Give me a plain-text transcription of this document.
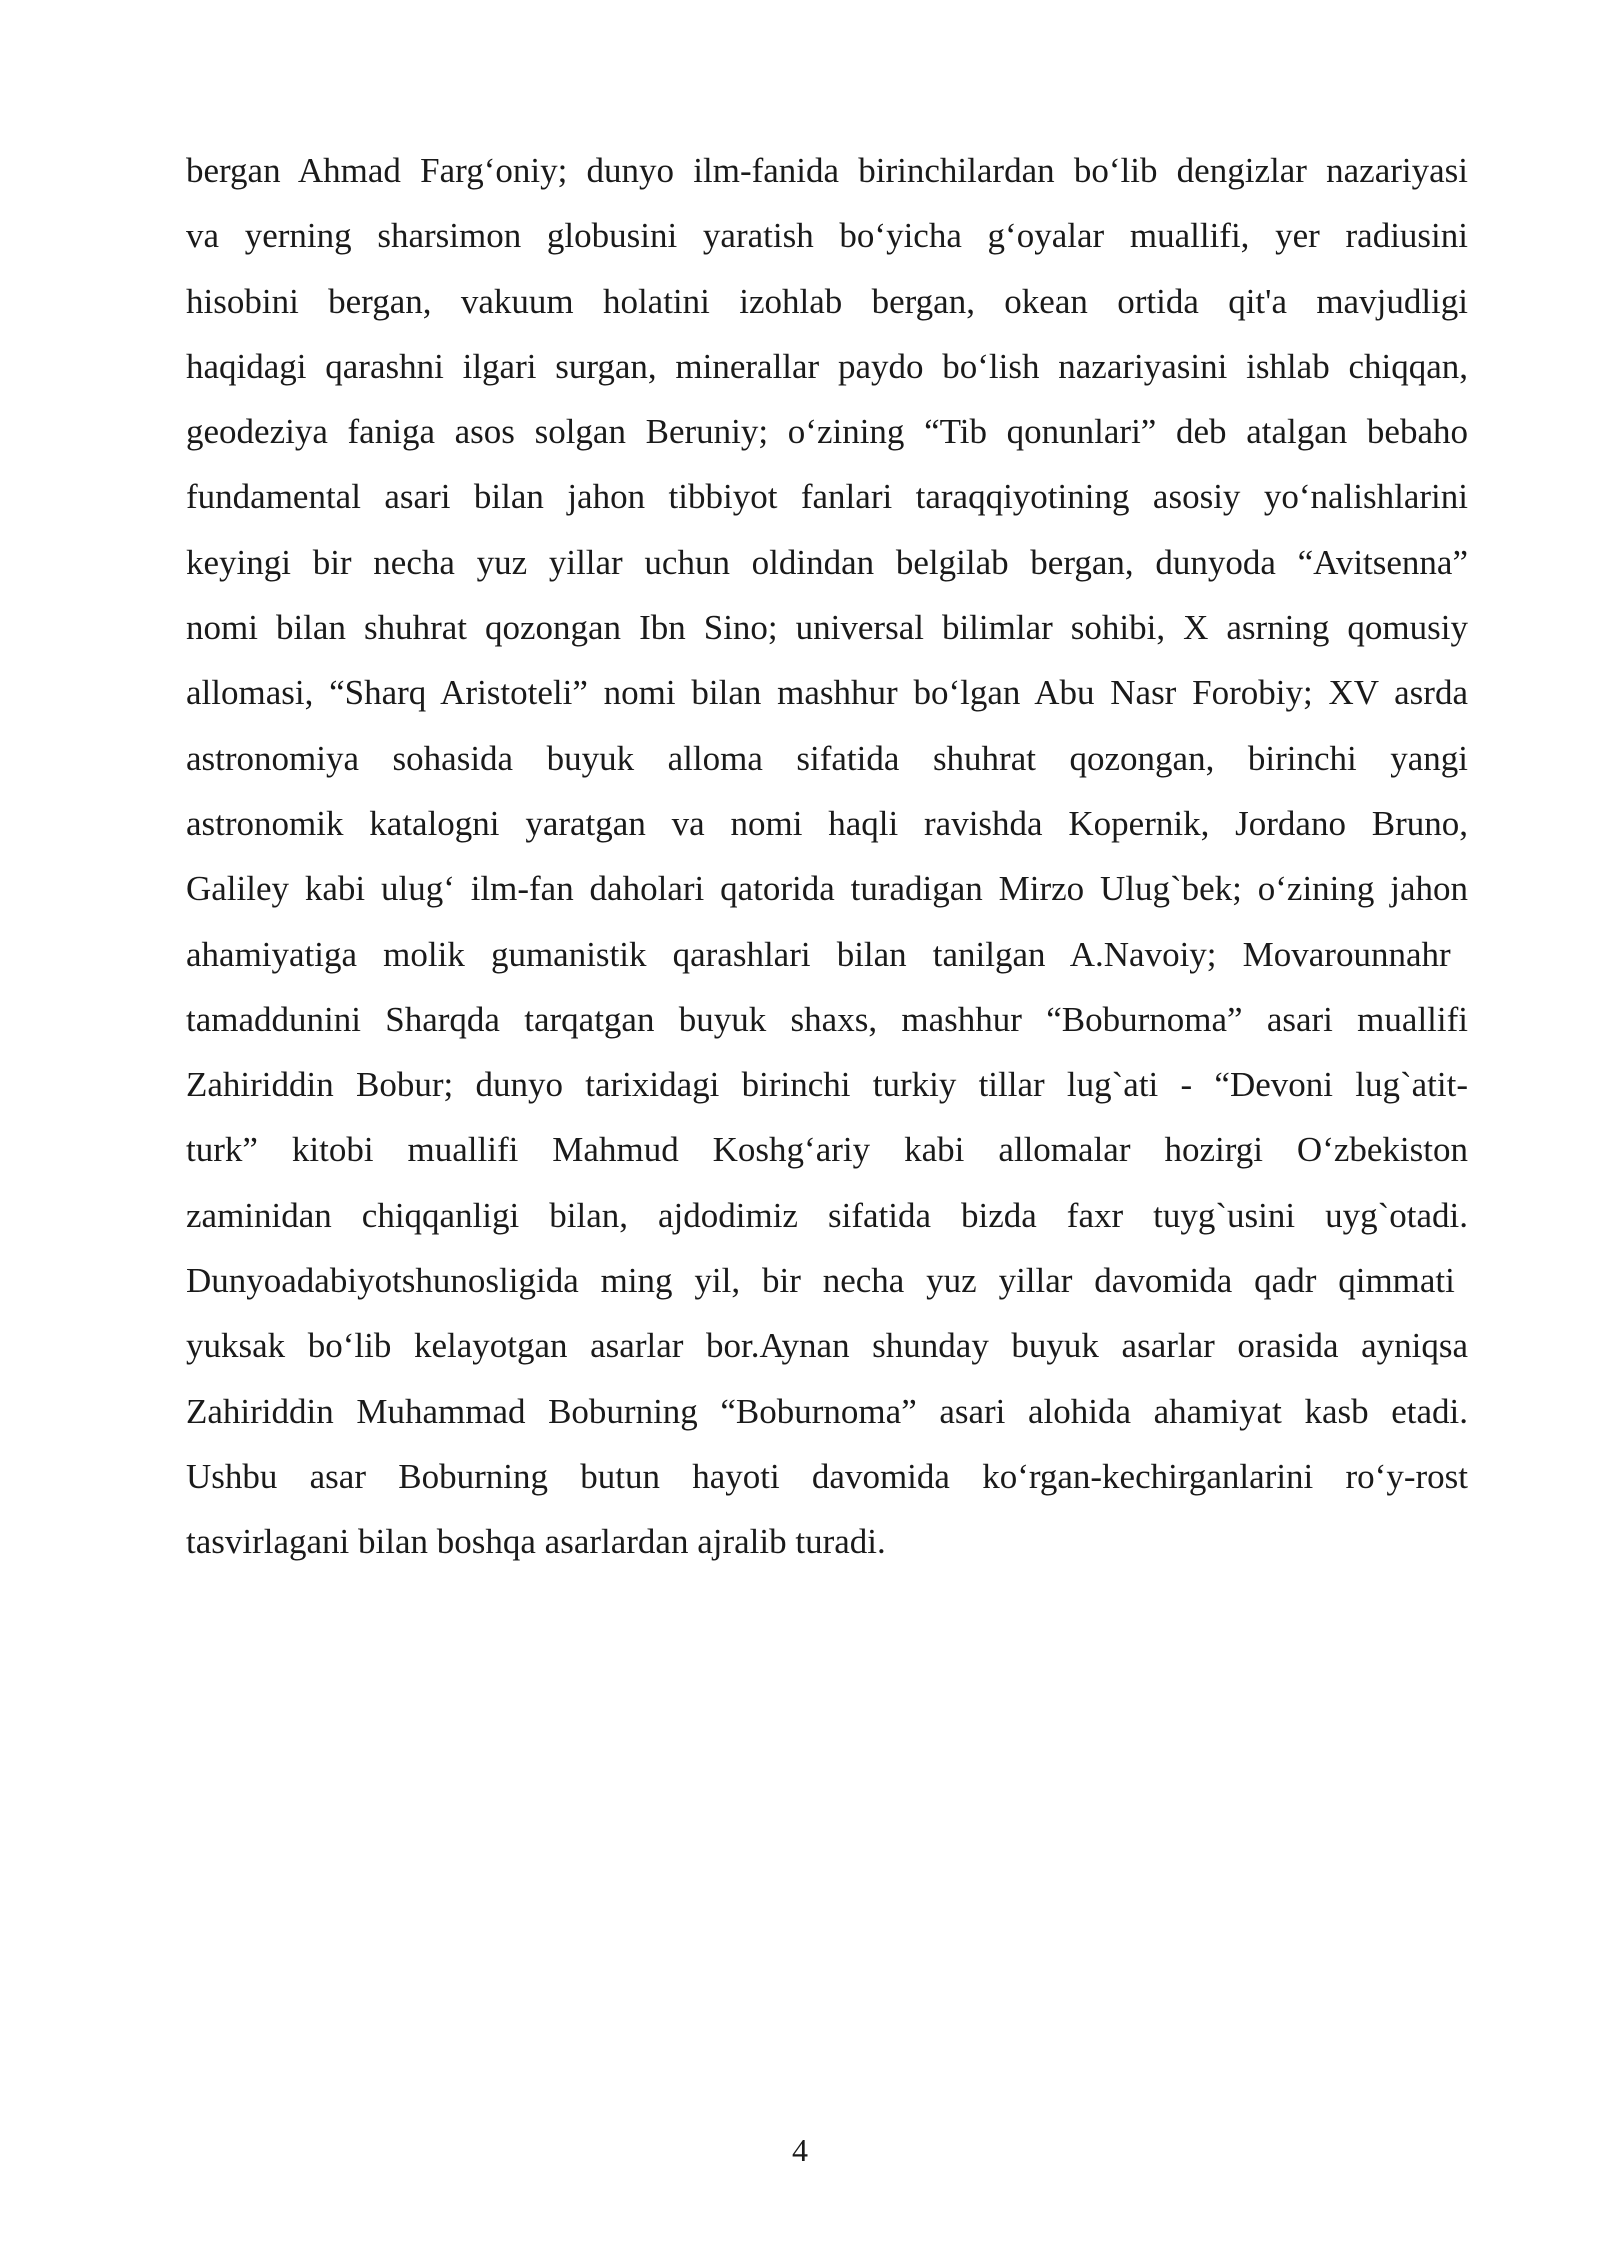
bergan Ahmad Farg‘oniy; dunyo ilm-fanida birinchilardan bo‘lib dengizlar nazariyasi
va yerning sharsimon globusini yaratish bo‘yicha g‘oyalar muallifi, yer radiusini
hisobini bergan, vakuum holatini izohlab bergan, okean ortida qit'a mavjudligi
haqidagi qarashni ilgari surgan, minerallar paydo bo‘lish nazariyasini ishlab chiqqan,
geodeziya faniga asos solgan Beruniy; o‘zining “Tib qonunlari” deb atalgan bebaho
fundamental asari bilan jahon tibbiyot fanlari taraqqiyotining asosiy yo‘nalishlarini
keyingi bir necha yuz yillar uchun oldindan belgilab bergan, dunyoda “Avitsenna”
nomi bilan shuhrat qozongan Ibn Sino; universal bilimlar sohibi, X asrning qomusiy
allomasi, “Sharq Aristoteli” nomi bilan mashhur bo‘lgan Abu Nasr Forobiy; XV asrda
astronomiya sohasida buyuk alloma sifatida shuhrat qozongan, birinchi yangi
astronomik katalogni yaratgan va nomi haqli ravishda Kopernik, Jordano Bruno,
Galiley kabi ulug‘ ilm-fan daholari qatorida turadigan Mirzo Ulug`bek; o‘zining jahon
ahamiyatiga molik gumanistik qarashlari bilan tanilgan A.Navoiy; Movarounnahr
tamaddunini Sharqda tarqatgan buyuk shaxs, mashhur “Boburnoma” asari muallifi
Zahiriddin Bobur; dunyo tarixidagi birinchi turkiy tillar lug`ati - “Devoni lug`atit-
turk” kitobi muallifi Mahmud Koshg‘ariy kabi allomalar hozirgi O‘zbekiston
zaminidan chiqqanligi bilan, ajdodimiz sifatida bizda faxr tuyg`usini uyg`otadi.
Dunyoadabiyotshunosligida ming yil, bir necha yuz yillar davomida qadr qimmati
yuksak bo‘lib kelayotgan asarlar bor.Aynan shunday buyuk asarlar orasida ayniqsa
Zahiriddin Muhammad Boburning “Boburnoma” asari alohida ahamiyat kasb etadi.
Ushbu asar Boburning butun hayoti davomida ko‘rgan-kechirganlarini ro‘y-rost
tasvirlagani bilan boshqa asarlardan ajralib turadi.
4
